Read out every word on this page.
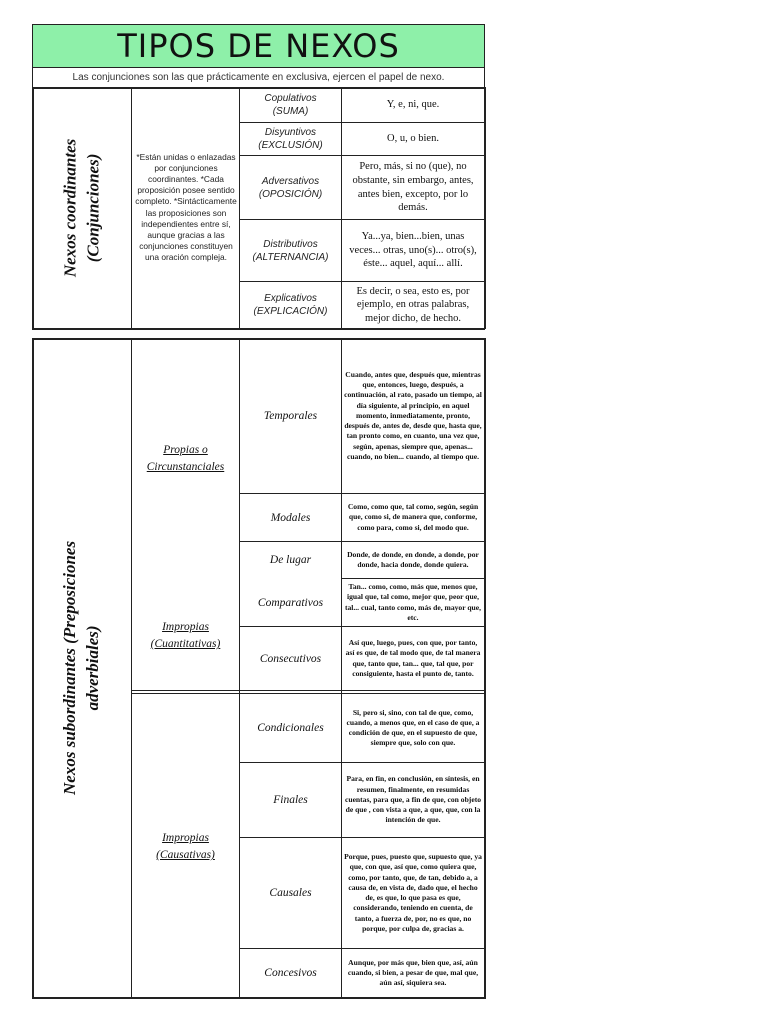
TIPOS DE NEXOS
Las conjunciones son las que prácticamente en exclusiva, ejercen el papel de nexo.
Nexos coordinantes (Conjunciones)	*Están unidas o enlazadas por conjunciones coordinantes. *Cada proposición posee sentido completo. *Sintácticamente las proposiciones son independientes entre sí, aunque gracias a las conjunciones constituyen una oración compleja.
Copulativos
(SUMA)
Y, e, ni, que.
Disyuntivos
(EXCLUSIÓN)
O, u, o bien.
Adversativos
(OPOSICIÓN)
Pero, más, si no (que), no obstante, sin embargo, antes, antes bien, excepto, por lo demás.
Distributivos
(ALTERNANCIA)
Ya...ya, bien...bien, unas veces... otras, uno(s)... otro(s), éste... aquel, aquí... allí.
Explicativos
(EXPLICACIÓN)
Es decir, o sea, esto es, por ejemplo, en otras palabras, mejor dicho, de hecho.
Nexos subordinantes (Preposiciones adverbiales)
Propias o
Circunstanciales
Impropias
(Cuantitativas)
Impropias
(Causativas)
Temporales
Cuando, antes que, después que, mientras que, entonces, luego, después, a continuación, al rato, pasado un tiempo, al día siguiente, al principio, en aquel momento, inmediatamente, pronto, después de, antes de, desde que, hasta que, tan pronto como, en cuanto, una vez que, según, apenas, siempre que, apenas... cuando, no bien... cuando, al tiempo que.
Modales
Como, como que, tal como, según, según que, como si, de manera que, conforme, como para, como si, del modo que.
De lugar	Donde, de donde, en donde, a donde, por donde, hacia donde, donde quiera.
Comparativos
Tan... como, como, más que, menos que, igual que, tal como, mejor que, peor que, tal... cual, tanto como, más de, mayor que, etc.
Consecutivos
Así que, luego, pues, con que, por tanto, así es que, de tal modo que, de tal manera que, tanto que, tan... que, tal que, por consiguiente, hasta el punto de, tanto.
Condicionales
Si, pero si, sino, con tal de que, como, cuando, a menos que, en el caso de que, a condición de que, en el supuesto de que, siempre que, solo con que.
Finales
Para, en fin, en conclusión, en síntesis, en resumen, finalmente, en resumidas cuentas, para que, a fin de que, con objeto de que , con vista a que, a que, que, con la intención de que.
Causales
Porque, pues, puesto que, supuesto que, ya que, con que, así que, como quiera que, como, por tanto, que, de tan, debido a, a causa de, en vista de, dado que, el hecho de, es que, lo que pasa es que, considerando, teniendo en cuenta, de tanto, a fuerza de, por, no es que, no porque, por culpa de, gracias a.
Concesivos
Aunque, por más que, bien que, así, aún cuando, si bien, a pesar de que, mal que, aún así, siquiera sea.
